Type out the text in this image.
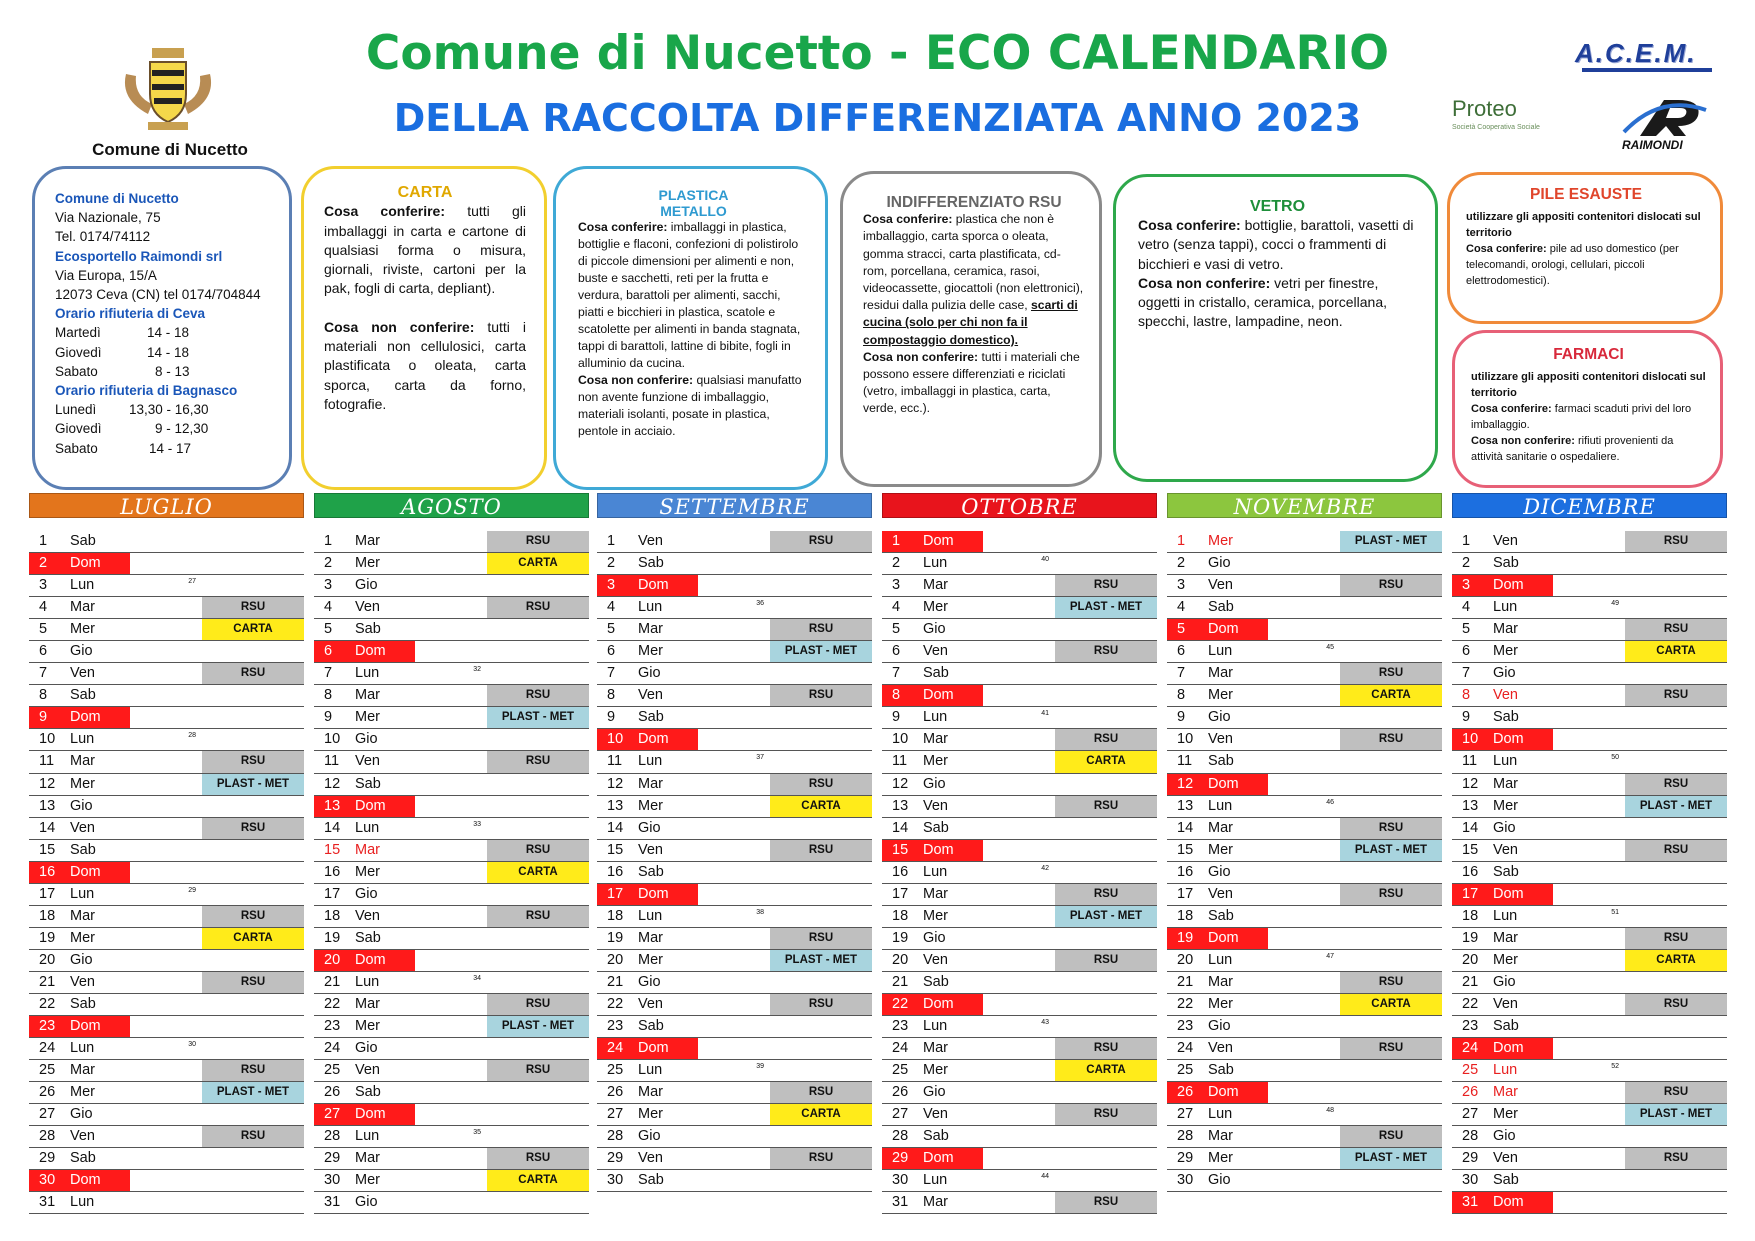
Comune di Nucetto - ECO CALENDARIO
DELLA RACCOLTA DIFFERENZIATA ANNO 2023
Comune di Nucetto
A.C.E.M.
Proteo
Società Cooperativa Sociale
RAIMONDI

Comune di Nucetto

Via Nazionale, 75

Tel. 0174/74112

Ecosportello Raimondi srl

Via Europa, 15/A

12073 Ceva (CN) tel 0174/704844

Orario rifiuteria di Ceva

Martedì	14 - 18
Giovedì	14 - 18
Sabato	8 - 13

Orario rifiuteria di Bagnasco

Lunedì	13,30 - 16,30
Giovedì	9 - 12,30
Sabato	14 - 17

CARTA

Cosa conferire: tutti gli imballaggi in carta e cartone di qualsiasi forma o misura, giornali, riviste, cartoni per la pak, fogli di carta, depliant).

Cosa non conferire: tutti i materiali non cellulosici, carta plastificata o oleata, carta sporca, carta da forno, fotografie.

PLASTICA

METALLO

Cosa conferire: imballaggi in plastica, bottiglie e flaconi, confezioni di polistirolo di piccole dimensioni per alimenti e non, buste e sacchetti, reti per la frutta e verdura, barattoli per alimenti, sacchi, piatti e bicchieri in plastica, scatole e scatolette per alimenti in banda stagnata, tappi di barattoli, lattine di bibite, fogli in alluminio da cucina.

Cosa non conferire: qualsiasi manufatto non avente funzione di imballaggio, materiali isolanti, posate in plastica, pentole in acciaio.

INDIFFERENZIATO RSU

Cosa conferire: plastica che non è imballaggio, carta sporca o oleata, gomma stracci, carta plastificata, cd-rom, porcellana, ceramica, rasoi, videocassette, giocattoli (non elettronici), residui dalla pulizia delle case, scarti di cucina (solo per chi non fa il compostaggio domestico).

Cosa non conferire: tutti i materiali che possono essere differenziati e riciclati (vetro, imballaggi in plastica, carta, verde, ecc.).

VETRO

Cosa conferire: bottiglie, barattoli, vasetti di vetro (senza tappi), cocci o frammenti di bicchieri e vasi di vetro.

Cosa non conferire: vetri per finestre, oggetti in cristallo, ceramica, porcellana, specchi, lastre, lampadine, neon.

PILE ESAUSTE

utilizzare gli appositi contenitori dislocati sul territorio

Cosa conferire: pile ad uso domestico (per telecomandi, orologi, cellulari, piccoli elettrodomestici).

FARMACI

utilizzare gli appositi contenitori dislocati sul territorio

Cosa conferire: farmaci scaduti privi del loro imballaggio.

Cosa non conferire: rifiuti provenienti da attività sanitarie o ospedaliere.

LUGLIO
1	Sab
2	Dom
3	Lun	27
4	Mar	RSU
5	Mer	CARTA
6	Gio
7	Ven	RSU
8	Sab
9	Dom
10	Lun	28
11	Mar	RSU
12	Mer	PLAST - MET
13	Gio
14	Ven	RSU
15	Sab
16	Dom
17	Lun	29
18	Mar	RSU
19	Mer	CARTA
20	Gio
21	Ven	RSU
22	Sab
23	Dom
24	Lun	30
25	Mar	RSU
26	Mer	PLAST - MET
27	Gio
28	Ven	RSU
29	Sab
30	Dom
31	Lun
AGOSTO
1	Mar	RSU
2	Mer	CARTA
3	Gio
4	Ven	RSU
5	Sab
6	Dom
7	Lun	32
8	Mar	RSU
9	Mer	PLAST - MET
10	Gio
11	Ven	RSU
12	Sab
13	Dom
14	Lun	33
15	Mar	RSU
16	Mer	CARTA
17	Gio
18	Ven	RSU
19	Sab
20	Dom
21	Lun	34
22	Mar	RSU
23	Mer	PLAST - MET
24	Gio
25	Ven	RSU
26	Sab
27	Dom
28	Lun	35
29	Mar	RSU
30	Mer	CARTA
31	Gio
SETTEMBRE
1	Ven	RSU
2	Sab
3	Dom
4	Lun	36
5	Mar	RSU
6	Mer	PLAST - MET
7	Gio
8	Ven	RSU
9	Sab
10	Dom
11	Lun	37
12	Mar	RSU
13	Mer	CARTA
14	Gio
15	Ven	RSU
16	Sab
17	Dom
18	Lun	38
19	Mar	RSU
20	Mer	PLAST - MET
21	Gio
22	Ven	RSU
23	Sab
24	Dom
25	Lun	39
26	Mar	RSU
27	Mer	CARTA
28	Gio
29	Ven	RSU
30	Sab
OTTOBRE
1	Dom
2	Lun	40
3	Mar	RSU
4	Mer	PLAST - MET
5	Gio
6	Ven	RSU
7	Sab
8	Dom
9	Lun	41
10	Mar	RSU
11	Mer	CARTA
12	Gio
13	Ven	RSU
14	Sab
15	Dom
16	Lun	42
17	Mar	RSU
18	Mer	PLAST - MET
19	Gio
20	Ven	RSU
21	Sab
22	Dom
23	Lun	43
24	Mar	RSU
25	Mer	CARTA
26	Gio
27	Ven	RSU
28	Sab
29	Dom
30	Lun	44
31	Mar	RSU
NOVEMBRE
1	Mer	PLAST - MET
2	Gio
3	Ven	RSU
4	Sab
5	Dom
6	Lun	45
7	Mar	RSU
8	Mer	CARTA
9	Gio
10	Ven	RSU
11	Sab
12	Dom
13	Lun	46
14	Mar	RSU
15	Mer	PLAST - MET
16	Gio
17	Ven	RSU
18	Sab
19	Dom
20	Lun	47
21	Mar	RSU
22	Mer	CARTA
23	Gio
24	Ven	RSU
25	Sab
26	Dom
27	Lun	48
28	Mar	RSU
29	Mer	PLAST - MET
30	Gio
DICEMBRE
1	Ven	RSU
2	Sab
3	Dom
4	Lun	49
5	Mar	RSU
6	Mer	CARTA
7	Gio
8	Ven	RSU
9	Sab
10	Dom
11	Lun	50
12	Mar	RSU
13	Mer	PLAST - MET
14	Gio
15	Ven	RSU
16	Sab
17	Dom
18	Lun	51
19	Mar	RSU
20	Mer	CARTA
21	Gio
22	Ven	RSU
23	Sab
24	Dom
25	Lun	52
26	Mar	RSU
27	Mer	PLAST - MET
28	Gio
29	Ven	RSU
30	Sab
31	Dom
